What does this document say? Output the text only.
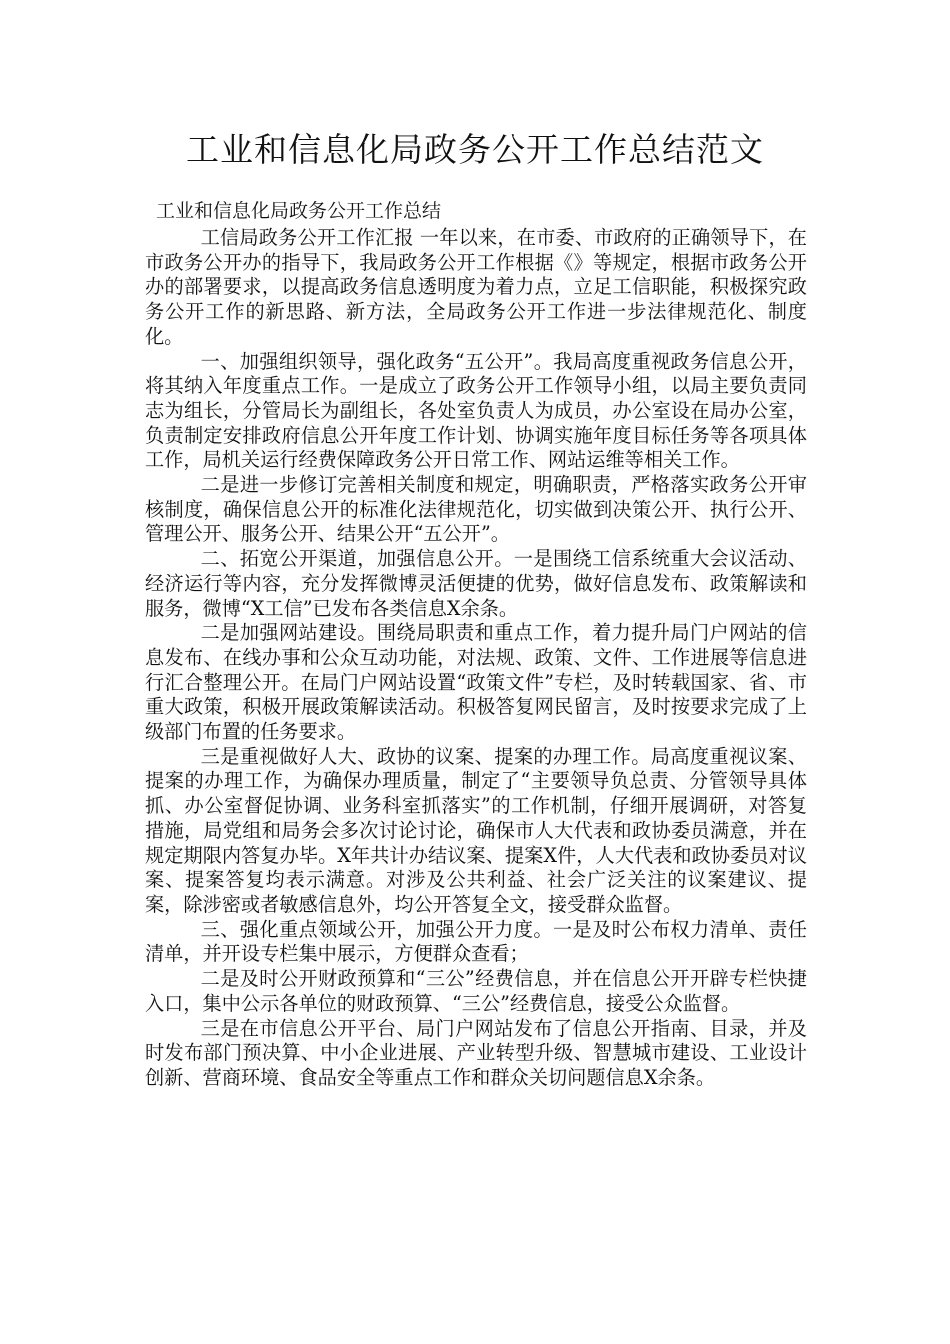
工业和信息化局政务公开工作总结范文
工业和信息化局政务公开工作总结

工信局政务公开工作汇报 一年以来，在市委、市政府的正确领导下，在市政务公开办的指导下，我局政务公开工作根据《》等规定，根据市政务公开办的部署要求，以提高政务信息透明度为着力点，立足工信职能，积极探究政务公开工作的新思路、新方法，全局政务公开工作进一步法律规范化、制度化。

一、加强组织领导，强化政务“五公开”。我局高度重视政务信息公开，将其纳入年度重点工作。一是成立了政务公开工作领导小组，以局主要负责同志为组长，分管局长为副组长，各处室负责人为成员，办公室设在局办公室，负责制定安排政府信息公开年度工作计划、协调实施年度目标任务等各项具体工作，局机关运行经费保障政务公开日常工作、网站运维等相关工作。

二是进一步修订完善相关制度和规定，明确职责，严格落实政务公开审核制度，确保信息公开的标准化法律规范化，切实做到决策公开、执行公开、管理公开、服务公开、结果公开“五公开”。

二、拓宽公开渠道，加强信息公开。一是围绕工信系统重大会议活动、经济运行等内容，充分发挥微博灵活便捷的优势，做好信息发布、政策解读和服务，微博“X工信”已发布各类信息X余条。

二是加强网站建设。围绕局职责和重点工作，着力提升局门户网站的信息发布、在线办事和公众互动功能，对法规、政策、文件、工作进展等信息进行汇合整理公开。在局门户网站设置“政策文件”专栏，及时转载国家、省、市重大政策，积极开展政策解读活动。积极答复网民留言，及时按要求完成了上级部门布置的任务要求。

三是重视做好人大、政协的议案、提案的办理工作。局高度重视议案、提案的办理工作，为确保办理质量，制定了“主要领导负总责、分管领导具体抓、办公室督促协调、业务科室抓落实”的工作机制，仔细开展调研，对答复措施，局党组和局务会多次讨论讨论，确保市人大代表和政协委员满意，并在规定期限内答复办毕。X年共计办结议案、提案X件，人大代表和政协委员对议案、提案答复均表示满意。对涉及公共利益、社会广泛关注的议案建议、提案，除涉密或者敏感信息外，均公开答复全文，接受群众监督。

三、强化重点领域公开，加强公开力度。一是及时公布权力清单、责任清单，并开设专栏集中展示，方便群众查看；

二是及时公开财政预算和“三公”经费信息，并在信息公开开辟专栏快捷入口，集中公示各单位的财政预算、“三公”经费信息，接受公众监督。

三是在市信息公开平台、局门户网站发布了信息公开指南、目录，并及时发布部门预决算、中小企业进展、产业转型升级、智慧城市建设、工业设计创新、营商环境、食品安全等重点工作和群众关切问题信息X余条。
